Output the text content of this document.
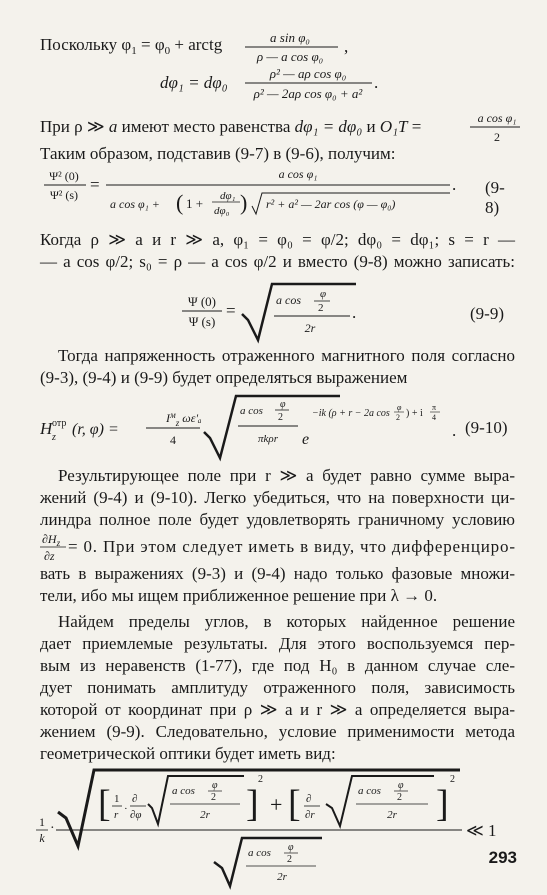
Поскольку $\varphi_1 = \varphi_0$ + arctg	a sin φ₀
ρ — a cos φ₀
,
dφ₁ = dφ₀	ρ² — aρ cos φ₀
ρ² — 2aρ cos φ₀ + a²
.
При ρ ≫ a имеют место равенства dφ₁ = dφ₀ и O₁T =	a cos φ₁
2
Таким образом, подставив (9-7) в (9-6), получим:
Ψ² (0)
Ψ² (s)
=
a cos φ₁
a cos φ₁ + ( 1 + dφ₁
dφ₀ ) r² + a² — 2ar cos (φ — φ₀)
. (9-8)
Когда ρ ≫ a и r ≫ a, φ₁ = φ₀ = φ/2; dφ₀ = dφ₁; s = r —
— a cos φ/2; s₀ = ρ — a cos φ/2 и вместо (9-8) можно записать:
Ψ (0)
Ψ (s)
=
a cos φ
2
2r
.	(9-9)
Тогда напряженность отраженного магнитного поля согласно
(9-3), (9-4) и (9-9) будет определяться выражением
H отр
z (r, φ) =
$I^м_z$ ωε'ₐ
4
a cos
φ
2
πkρr e
−ik (ρ + r − 2a cos
φ
2 ) + i
π
4
. (9-10)
Результирующее поле при r ≫ a будет равно сумме выра-
жений (9-4) и (9-10). Легко убедиться, что на поверхности ци-
линдра полное поле будет удовлетворять граничному условию
$\partial H_z$
∂z = 0. При этом следует иметь в виду, что дифференциро-
вать в выражениях (9-3) и (9-4) надо только фазовые множи-
тели, ибо мы ищем приближенное решение при λ → 0.
Найдем пределы углов, в которых найденное решение
дает приемлемые результаты. Для этого воспользуемся пер-
вым из неравенств (1-77), где под H₀ в данном случае сле-
дует понимать амплитуду отраженного поля, зависимость
которой от координат при ρ ≫ a и r ≫ a определяется выра-
жением (9-9). Следовательно, условие применимости метода
геометрической оптики будет иметь вид:
1
k
·
[ 1
r ·
∂
∂φ
a cos φ
2
2r ]
2
+ [ ∂
∂r
a cos φ
2
2r ]
2
a cos φ
2
2r
≪ 1
293
